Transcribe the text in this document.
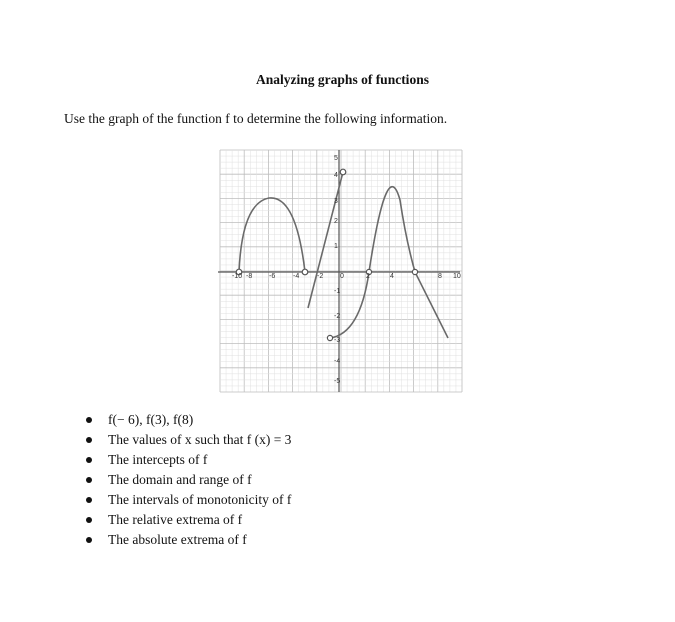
Analyzing graphs of functions
Use the graph of the function f to determine the following information.
-10 -8 -6	-4	-2 0	2	4	8 10
5
4
3
2
1
-1
-2
-3
-4
-5
f(− 6), f(3), f(8)
The values of x such that f (x) = 3
The intercepts of f
The domain and range of f
The intervals of monotonicity of f
The relative extrema of f
The absolute extrema of f
